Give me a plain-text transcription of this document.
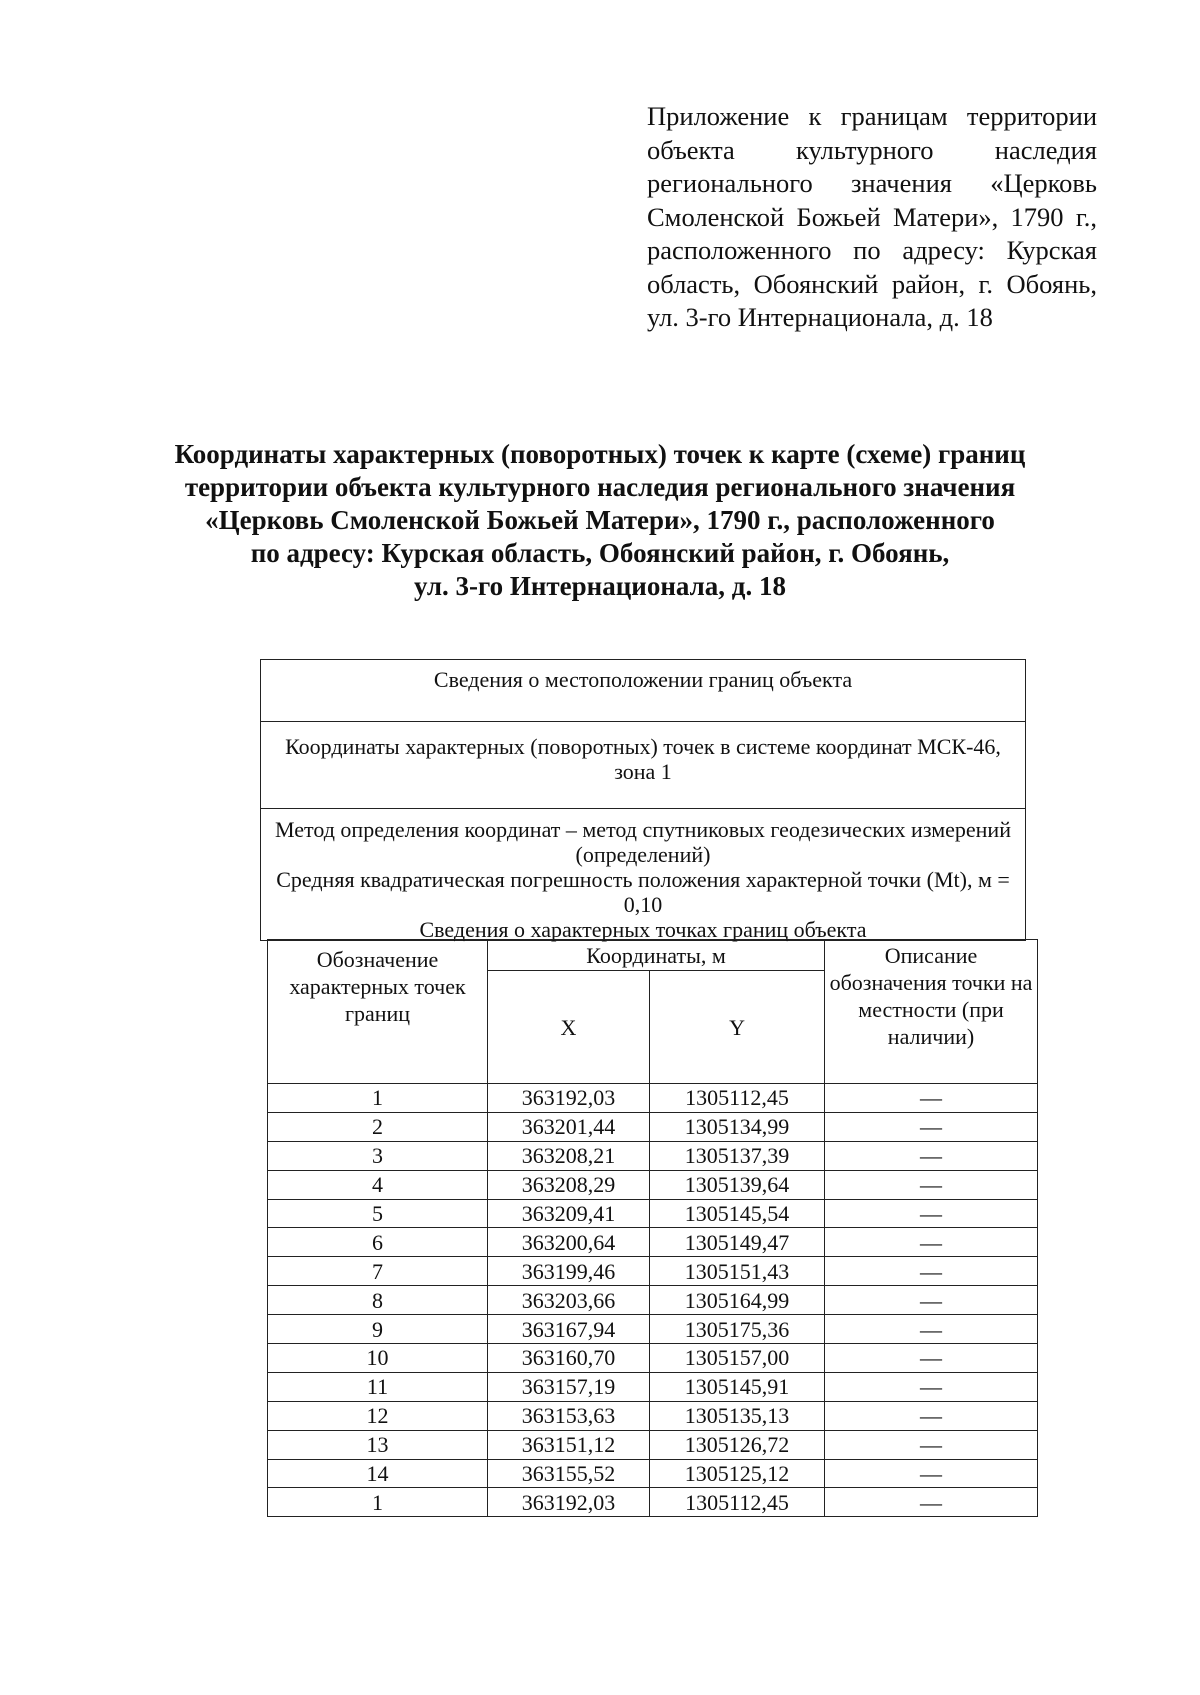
Приложение к границам территории объекта культурного наследия регионального значения «Церковь Смоленской Божьей Матери», 1790 г., расположенного по адресу: Курская область, Обоянский район, г. Обоянь, ул. 3-го Интернационала, д. 18
Координаты характерных (поворотных) точек к карте (схеме) границ
территории объекта культурного наследия регионального значения
«Церковь Смоленской Божьей Матери», 1790 г., расположенного
по адресу: Курская область, Обоянский район, г. Обоянь,
ул. 3-го Интернационала, д. 18
Сведения о местоположении границ объекта
Координаты характерных (поворотных) точек в системе координат МСК-46, зона 1
Метод определения координат – метод спутниковых геодезических измерений (определений)
Средняя квадратическая погрешность положения характерной точки (Mt), м = 0,10
Сведения о характерных точках границ объекта
Обозначение характерных точек границ	Координаты, м		Описание обозначения точки на местности (при наличии)
	X	Y	
1	363192,03	1305112,45	—
2	363201,44	1305134,99	—
3	363208,21	1305137,39	—
4	363208,29	1305139,64	—
5	363209,41	1305145,54	—
6	363200,64	1305149,47	—
7	363199,46	1305151,43	—
8	363203,66	1305164,99	—
9	363167,94	1305175,36	—
10	363160,70	1305157,00	—
11	363157,19	1305145,91	—
12	363153,63	1305135,13	—
13	363151,12	1305126,72	—
14	363155,52	1305125,12	—
1	363192,03	1305112,45	—
